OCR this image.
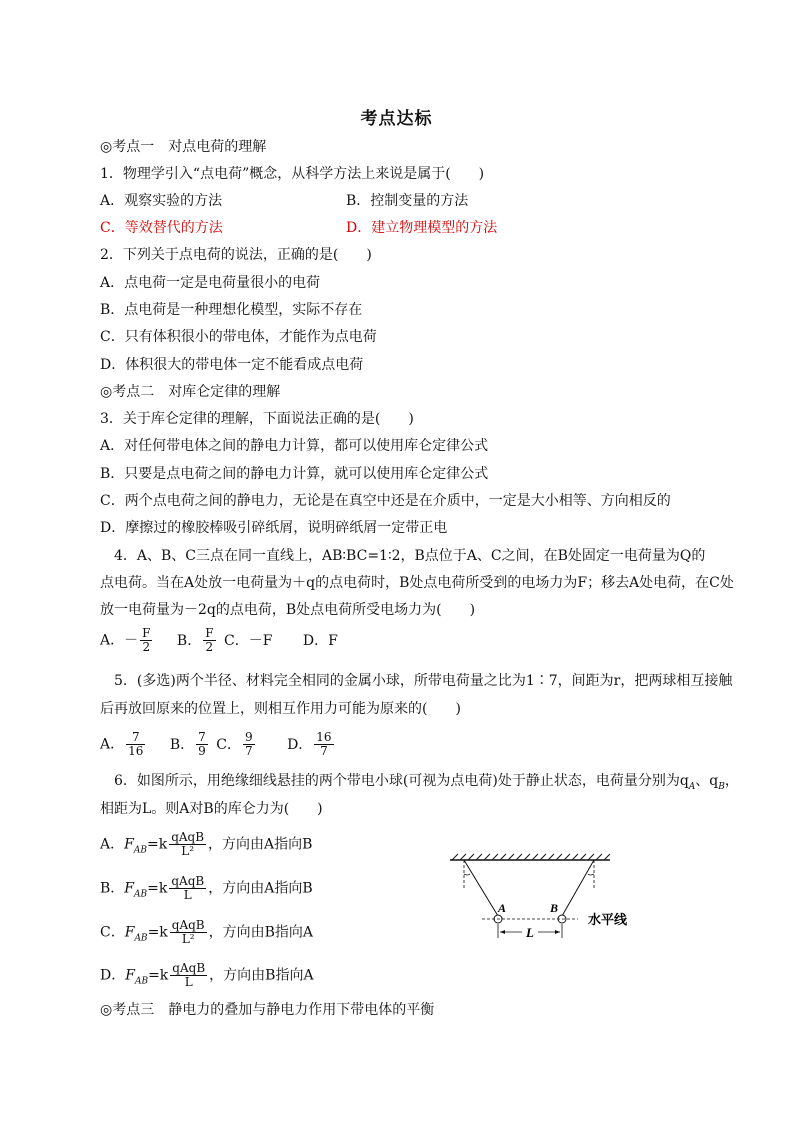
考点达标
◎考点一　对点电荷的理解
1．物理学引入“点电荷”概念，从科学方法上来说是属于(　　)
A．观察实验的方法	B．控制变量的方法
C．等效替代的方法	D．建立物理模型的方法
2．下列关于点电荷的说法，正确的是(　　)
A．点电荷一定是电荷量很小的电荷
B．点电荷是一种理想化模型，实际不存在
C．只有体积很小的带电体，才能作为点电荷
D．体积很大的带电体一定不能看成点电荷
◎考点二　对库仑定律的理解
3．关于库仑定律的理解，下面说法正确的是(　　)
A．对任何带电体之间的静电力计算，都可以使用库仑定律公式
B．只要是点电荷之间的静电力计算，就可以使用库仑定律公式
C．两个点电荷之间的静电力，无论是在真空中还是在介质中，一定是大小相等、方向相反的
D．摩擦过的橡胶棒吸引碎纸屑，说明碎纸屑一定带正电
4．A、B、C三点在同一直线上，AB∶BC=1∶2，B点位于A、C之间，在B处固定一电荷量为Q的
点电荷。当在A处放一电荷量为＋q的点电荷时，B处点电荷所受到的电场力为F；移去A处电荷，在C处
放一电荷量为－2q的点电荷，B处点电荷所受电场力为(　　)
A．－ $\frac{F}{2}$ B． $\frac{F}{2}$ C．－F D．F
5．(多选)两个半径、材料完全相同的金属小球，所带电荷量之比为1∶7，间距为r，把两球相互接触
后再放回原来的位置上，则相互作用力可能为原来的(　　)
A． $\frac{7}{16}$ B． $\frac{7}{9}$ C． $\frac{9}{7}$ D． $\frac{16}{7}$
6．如图所示，用绝缘细线悬挂的两个带电小球(可视为点电荷)处于静止状态，电荷量分别为$q_A$、$q_B$，
相距为L。则A对B的库仑力为(　　)
A．$F_{AB}=k \frac{\text{qAqB}}{\text{L²}}$ ，方向由A指向B
B．$F_{AB}=k \frac{\text{qAqB}}{L}$ ，方向由A指向B
C．$F_{AB}=k \frac{\text{qAqB}}{\text{L²}}$ ，方向由B指向A
D．$F_{AB}=k \frac{\text{qAqB}}{L}$ ，方向由B指向A
A	B
L
水平线
◎考点三　静电力的叠加与静电力作用下带电体的平衡
